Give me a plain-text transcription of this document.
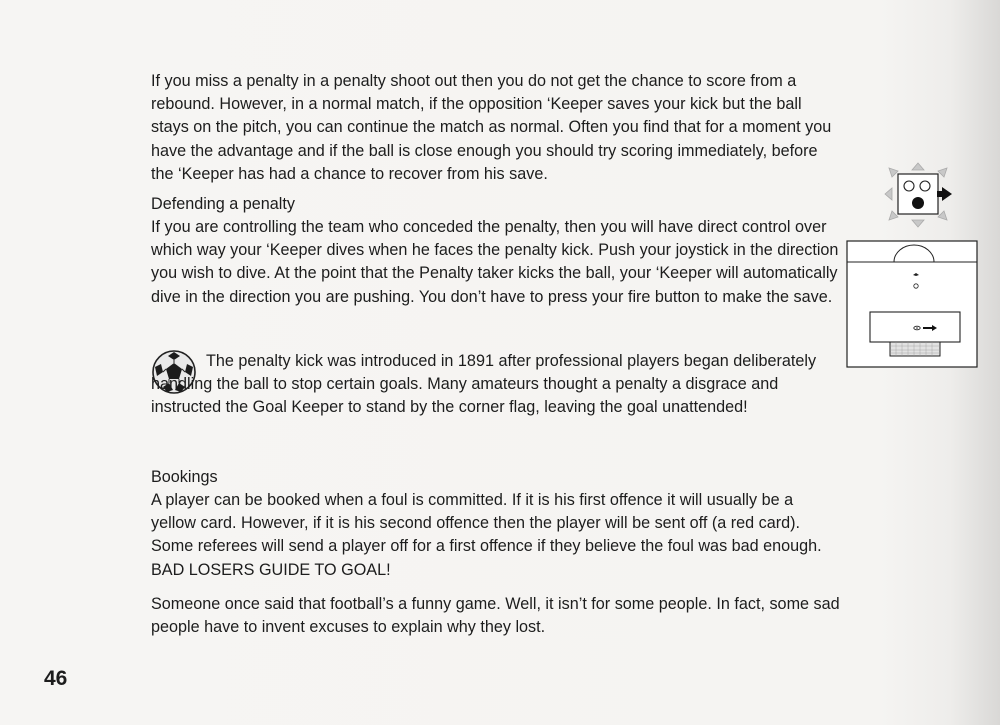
If you miss a penalty in a penalty shoot out then you do not get the chance to score from a rebound. However, in a normal match, if the opposition ‘Keeper saves your kick but the ball stays on the pitch, you can continue the match as normal. Often you find that for a moment you have the advantage and if the ball is close enough you should try scoring immediately, before the ‘Keeper has had a chance to recover from his save.

Defending a penalty

If you are controlling the team who conceded the penalty, then you will have direct control over which way your ‘Keeper dives when he faces the penalty kick. Push your joystick in the direction you wish to dive. At the point that the Penalty taker kicks the ball, your ‘Keeper will automatically dive in the direction you are pushing. You don’t have to press your fire button to make the save.

The penalty kick was introduced in 1891 after professional players began deliberately handling the ball to stop certain goals. Many amateurs thought a penalty a disgrace and instructed the Goal Keeper to stand by the corner flag, leaving the goal unattended!

Bookings

A player can be booked when a foul is committed. If it is his first offence it will usually be a yellow card. However, if it is his second offence then the player will be sent off (a red card). Some referees will send a player off for a first offence if they believe the foul was bad enough. BAD LOSERS GUIDE TO GOAL!

Someone once said that football’s a funny game. Well, it isn’t for some people. In fact, some sad people have to invent excuses to explain why they lost.

46
